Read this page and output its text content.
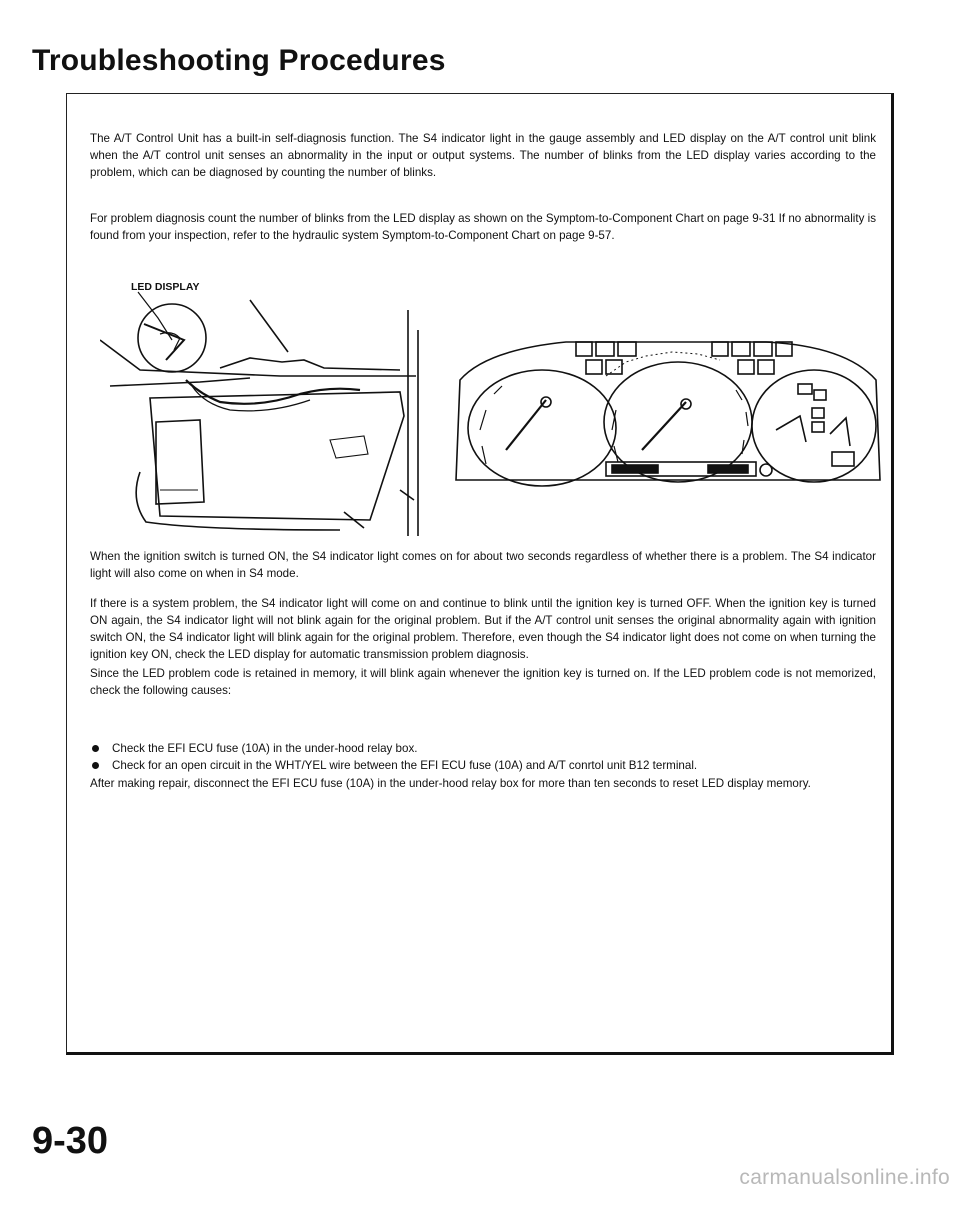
Troubleshooting Procedures

The A/T Control Unit has a built-in self-diagnosis function. The S4 indicator light in the gauge assembly and LED display on the A/T control unit blink when the A/T control unit senses an abnormality in the input or output systems. The number of blinks from the LED display varies according to the problem, which can be diagnosed by counting the number of blinks.

For problem diagnosis count the number of blinks from the LED display as shown on the Symptom-to-Component Chart on page 9-31 If no abnormality is found from your inspection, refer to the hydraulic system Symptom-to-Component Chart on page 9-57.

LED DISPLAY

When the ignition switch is turned ON, the S4 indicator light comes on for about two seconds regardless of whether there is a problem. The S4 indicator light will also come on when in S4 mode.

If there is a system problem, the S4 indicator light will come on and continue to blink until the ignition key is turned OFF. When the ignition key is turned ON again, the S4 indicator light will not blink again for the original problem. But if the A/T control unit senses the original abnormality again with ignition switch ON, the S4 indicator light will blink again for the original problem. Therefore, even though the S4 indicator light does not come on when turning the ignition key ON, check the LED display for automatic transmission problem diagnosis.

Since the LED problem code is retained in memory, it will blink again whenever the ignition key is turned on. If the LED problem code is not memorized, check the following causes:

Check the EFI ECU fuse (10A) in the under-hood relay box.
Check for an open circuit in the WHT/YEL wire between the EFI ECU fuse (10A) and A/T conrtol unit B12 terminal.

After making repair, disconnect the EFI ECU fuse (10A) in the under-hood relay box for more than ten seconds to reset LED display memory.

9-30

carmanualsonline.info
